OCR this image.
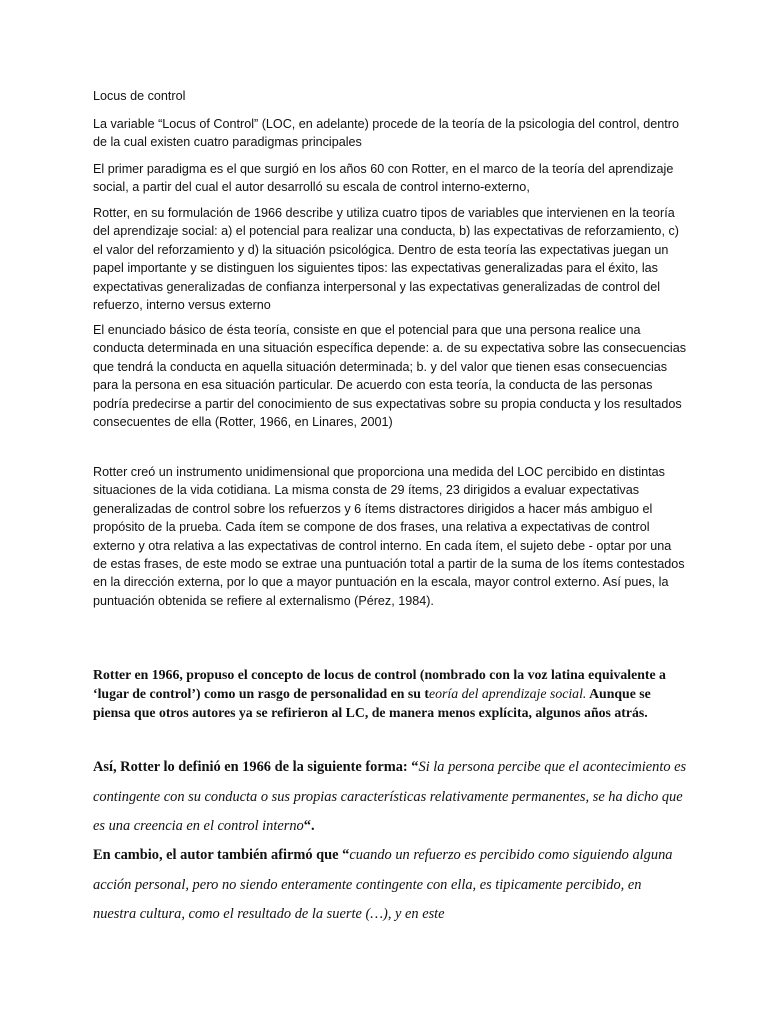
Locus de control

La variable “Locus of Control” (LOC, en adelante) procede de la teoría de la psicologia del control, dentro de la cual existen cuatro paradigmas principales

El primer paradigma es el que surgió en los años 60 con Rotter, en el marco de la teoría del aprendizaje social, a partir del cual el autor desarrolló su escala de control interno-externo,

Rotter, en su formulación de 1966 describe y utiliza cuatro tipos de variables que intervienen en la teoría del aprendizaje social: a) el potencial para realizar una conducta, b) las expectativas de reforzamiento, c) el valor del reforzamiento y d) la situación psicológica. Dentro de esta teoría las expectativas juegan un papel importante y se distinguen los siguientes tipos: las expectativas generalizadas para el éxito, las expectativas generalizadas de confianza interpersonal y las expectativas generalizadas de control del refuerzo, interno versus externo

El enunciado básico de ésta teoría, consiste en que el potencial para que una persona realice una conducta determinada en una situación específica depende: a. de su expectativa sobre las consecuencias que tendrá la conducta en aquella situación determinada; b. y del valor que tienen esas consecuencias para la persona en esa situación particular. De acuerdo con esta teoría, la conducta de las personas podría predecirse a partir del conocimiento de sus expectativas sobre su propia conducta y los resultados consecuentes de ella (Rotter, 1966, en Linares, 2001)

Rotter creó un instrumento unidimensional que proporciona una medida del LOC percibido en distintas situaciones de la vida cotidiana. La misma consta de 29 ítems, 23 dirigidos a evaluar expectativas generalizadas de control sobre los refuerzos y 6 ítems distractores dirigidos a hacer más ambiguo el propósito de la prueba. Cada ítem se compone de dos frases, una relativa a expectativas de control externo y otra relativa a las expectativas de control interno. En cada ítem, el sujeto debe - optar por una de estas frases, de este modo se extrae una puntuación total a partir de la suma de los ítems contestados en la dirección externa, por lo que a mayor puntuación en la escala, mayor control externo. Así pues, la puntuación obtenida se refiere al externalismo (Pérez, 1984).

Rotter en 1966, propuso el concepto de locus de control (nombrado con la voz latina equivalente a ‘lugar de control’) como un rasgo de personalidad en su teoría del aprendizaje social. Aunque se piensa que otros autores ya se refirieron al LC, de manera menos explícita, algunos años atrás.

Así, Rotter lo definió en 1966 de la siguiente forma: “Si la persona percibe que el acontecimiento es contingente con su conducta o sus propias características relativamente permanentes, se ha dicho que es una creencia en el control interno“.

En cambio, el autor también afirmó que “cuando un refuerzo es percibido como siguiendo alguna acción personal, pero no siendo enteramente contingente con ella, es tipicamente percibido, en nuestra cultura, como el resultado de la suerte (…), y en este
